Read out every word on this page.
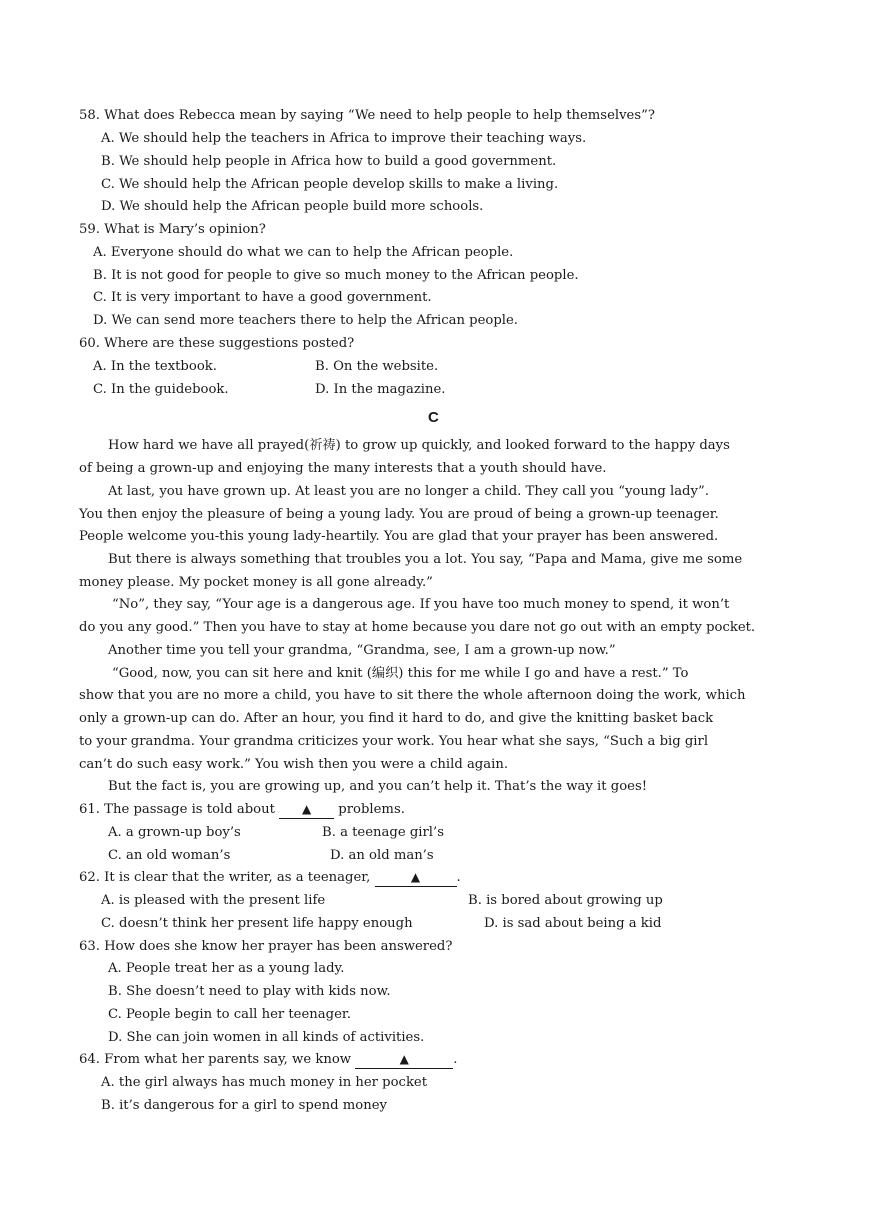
58. What does Rebecca mean by saying “We need to help people to help themselves”?
A. We should help the teachers in Africa to improve their teaching ways.
B. We should help people in Africa how to build a good government.
C. We should help the African people develop skills to make a living.
D. We should help the African people build more schools.
59. What is Mary’s opinion?
A. Everyone should do what we can to help the African people.
B. It is not good for people to give so much money to the African people.
C. It is very important to have a good government.
D. We can send more teachers there to help the African people.
60. Where are these suggestions posted?
A. In the textbook.	B. On the website.
C. In the guidebook.	D. In the magazine.
C
How hard we have all prayed(祈祷) to grow up quickly, and looked forward to the happy days
of being a grown-up and enjoying the many interests that a youth should have.
At last, you have grown up. At least you are no longer a child. They call you “young lady”.
You then enjoy the pleasure of being a young lady. You are proud of being a grown-up teenager.
People welcome you-this young lady-heartily. You are glad that your prayer has been answered.
But there is always something that troubles you a lot. You say, “Papa and Mama, give me some
money please. My pocket money is all gone already.”
“No”, they say, “Your age is a dangerous age. If you have too much money to spend, it won’t
do you any good.” Then you have to stay at home because you dare not go out with an empty pocket.
Another time you tell your grandma, “Grandma, see, I am a grown-up now.”
“Good, now, you can sit here and knit (编织) this for me while I go and have a rest.” To
show that you are no more a child, you have to sit there the whole afternoon doing the work, which
only a grown-up can do. After an hour, you find it hard to do, and give the knitting basket back
to your grandma. Your grandma criticizes your work. You hear what she says, “Such a big girl
can’t do such easy work.” You wish then you were a child again.
But the fact is, you are growing up, and you can’t help it. That’s the way it goes!
61. The passage is told about ▲ problems.
A. a grown-up boy’s	B. a teenage girl’s
C. an old woman’s	D. an old man’s
62. It is clear that the writer, as a teenager,	▲	.
A. is pleased with the present life	B. is bored about growing up
C. doesn’t think her present life happy enough	D. is sad about being a kid
63. How does she know her prayer has been answered?
A. People treat her as a young lady.
B. She doesn’t need to play with kids now.
C. People begin to call her teenager.
D. She can join women in all kinds of activities.
64. From what her parents say, we know	▲	.
A. the girl always has much money in her pocket
B. it’s dangerous for a girl to spend money
